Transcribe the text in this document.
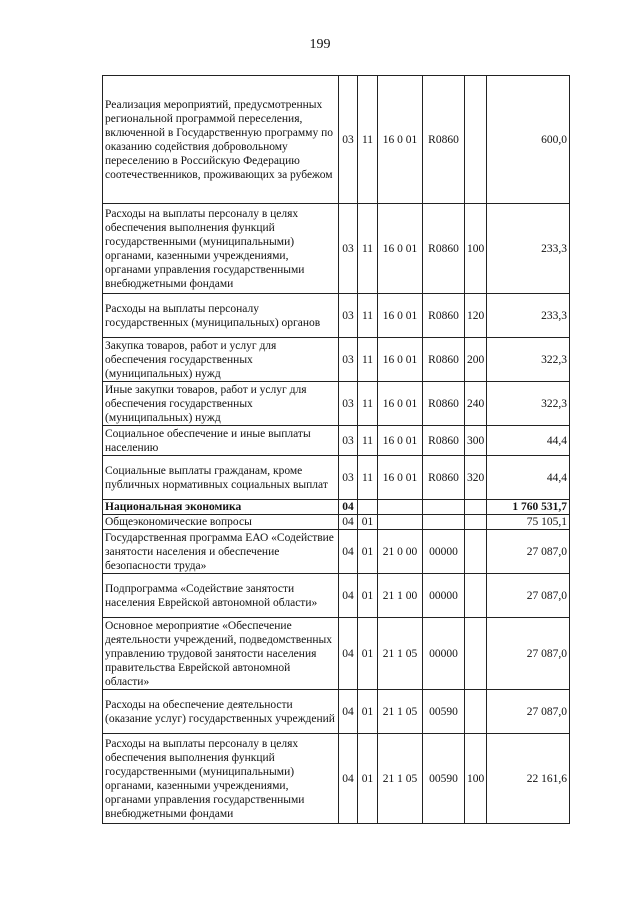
199
Реализация мероприятий, предусмотренных региональной программой переселения, включенной в Государственную программу по оказанию содействия добровольному переселению в Российскую Федерацию соотечественников, проживающих за рубежом	03	11	16 0 01	R0860		600,0
Расходы на выплаты персоналу в целях обеспечения выполнения функций государственными (муниципальными) органами, казенными учреждениями, органами управления государственными внебюджетными фондами	03	11	16 0 01	R0860	100	233,3
Расходы на выплаты персоналу государственных (муниципальных) органов	03	11	16 0 01	R0860	120	233,3
Закупка товаров, работ и услуг для обеспечения государственных (муниципальных) нужд	03	11	16 0 01	R0860	200	322,3
Иные закупки товаров, работ и услуг для обеспечения государственных (муниципальных) нужд	03	11	16 0 01	R0860	240	322,3
Социальное обеспечение и иные выплаты населению	03	11	16 0 01	R0860	300	44,4
Социальные выплаты гражданам, кроме публичных нормативных социальных выплат	03	11	16 0 01	R0860	320	44,4
Национальная экономика	04					1 760 531,7
Общеэкономические вопросы	04	01				75 105,1
Государственная программа ЕАО «Содействие занятости населения и обеспечение безопасности труда»	04	01	21 0 00	00000		27 087,0
Подпрограмма «Содействие занятости населения Еврейской автономной области»	04	01	21 1 00	00000		27 087,0
Основное мероприятие «Обеспечение деятельности учреждений, подведомственных управлению трудовой занятости населения правительства Еврейской автономной области»	04	01	21 1 05	00000		27 087,0
Расходы на обеспечение деятельности (оказание услуг) государственных учреждений	04	01	21 1 05	00590		27 087,0
Расходы на выплаты персоналу в целях обеспечения выполнения функций государственными (муниципальными) органами, казенными учреждениями, органами управления государственными внебюджетными фондами	04	01	21 1 05	00590	100	22 161,6
